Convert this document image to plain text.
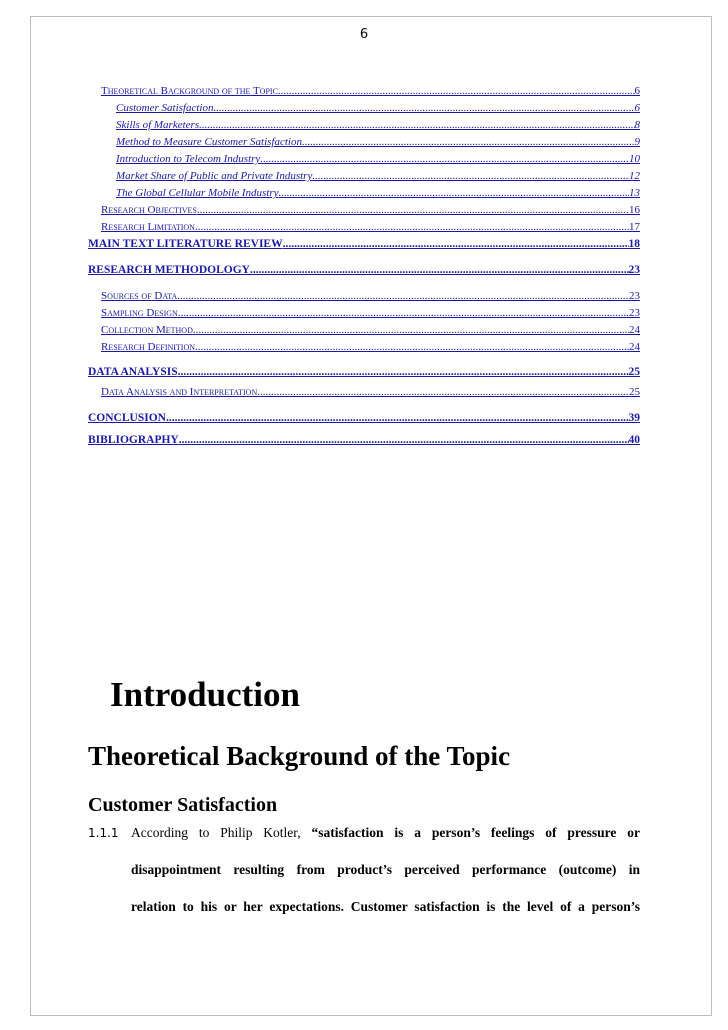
6
Theoretical Background of the Topic .....	6
Customer Satisfaction .....	6
Skills of Marketers .....	8
Method to Measure Customer Satisfaction .....	9
Introduction to Telecom Industry .....	10
Market Share of Public and Private Industry .....	12
The Global Cellular Mobile Industry .....	13
Research Objectives .....	16
Research Limitation .....	17
MAIN TEXT LITERATURE REVIEW .....	18
RESEARCH METHODOLOGY .....	23
Sources of Data .....	23
Sampling Design .....	23
Collection Method .....	24
Research Definition .....	24
DATA ANALYSIS .....	25
Data Analysis and Interpretation .....	25
CONCLUSION .....	39
BIBLIOGRAPHY .....	40
Introduction
Theoretical Background of the Topic
Customer Satisfaction
1.1.1 According to Philip Kotler, “satisfaction is a person’s feelings of pressure or
disappointment resulting from product’s perceived performance (outcome) in
relation to his or her expectations. Customer satisfaction is the level of a person’s
